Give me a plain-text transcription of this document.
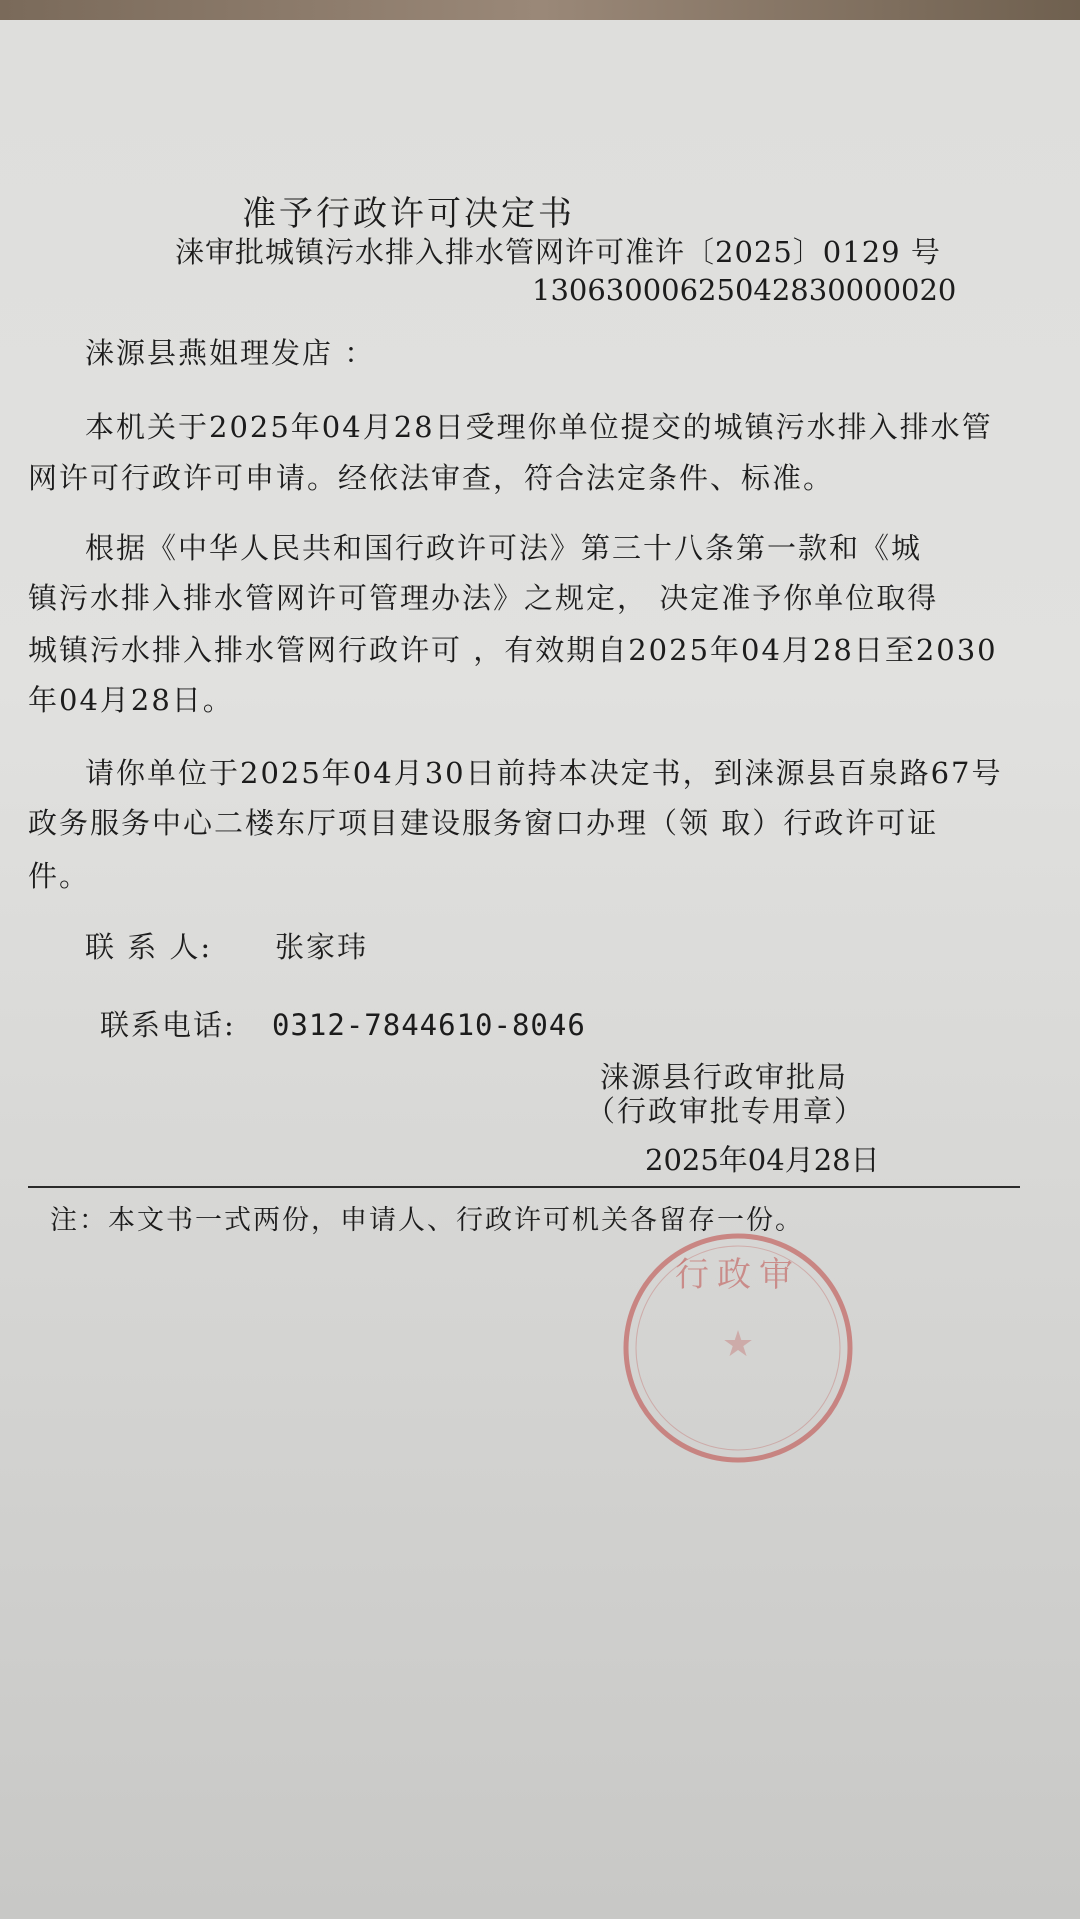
行政审
★
准予行政许可决定书
涞审批城镇污水排入排水管网许可准许〔2025〕0129 号
13063000625042830000020
涞源县燕姐理发店 ：
本机关于2025年04月28日受理你单位提交的城镇污水排入排水管
网许可行政许可申请。经依法审查，符合法定条件、标准。
根据《中华人民共和国行政许可法》第三十八条第一款和《城
镇污水排入排水管网许可管理办法》之规定， 决定准予你单位取得
城镇污水排入排水管网行政许可 ，有效期自2025年04月28日至2030
年04月28日。
请你单位于2025年04月30日前持本决定书，到涞源县百泉路67号
政务服务中心二楼东厅项目建设服务窗口办理（领 取）行政许可证
件。
联 系 人: 张家玮
联系电话: 0312-7844610-8046
涞源县行政审批局
（行政审批专用章）
2025年04月28日
注：本文书一式两份，申请人、行政许可机关各留存一份。
